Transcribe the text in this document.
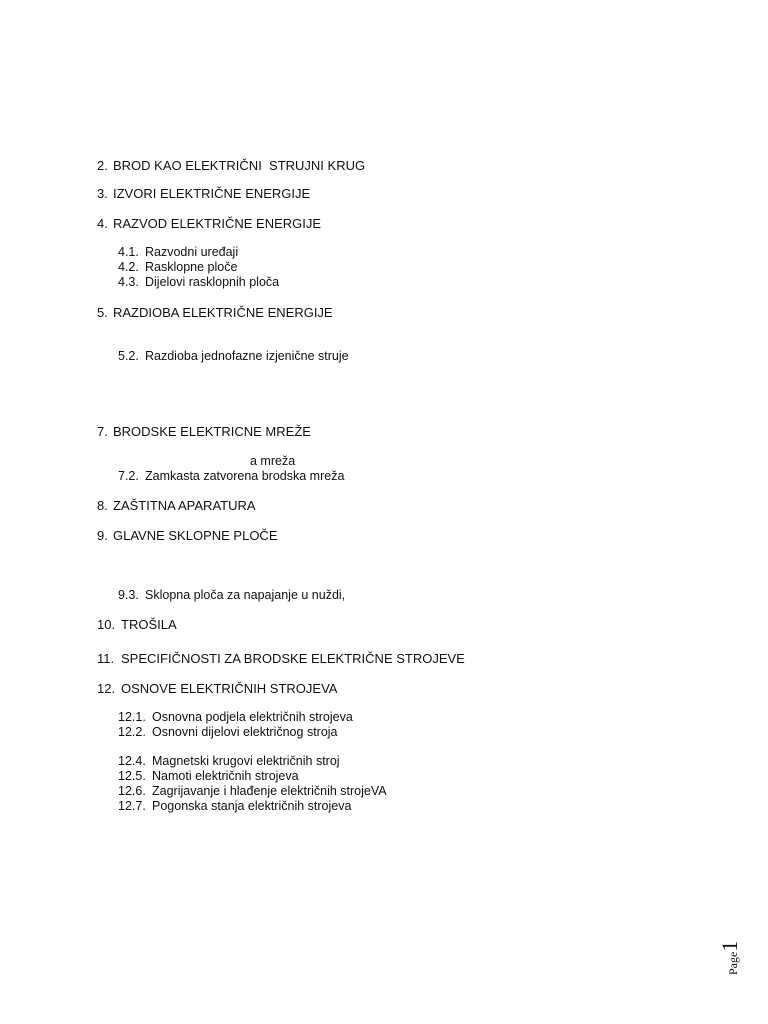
2. BROD KAO ELEKTRIČNI  STRUJNI KRUG
3. IZVORI ELEKTRIČNE ENERGIJE
4. RAZVOD ELEKTRIČNE ENERGIJE
4.1. Razvodni uređaji
4.2. Rasklopne ploče
4.3. Dijelovi rasklopnih ploča
5. RAZDIOBA ELEKTRIČNE ENERGIJE
5.2. Razdioba jednofazne izjenične struje
7. BRODSKE ELEKTRICNE MREŽE
a mreža
7.2. Zamkasta zatvorena brodska mreža
8. ZAŠTITNA APARATURA
9. GLAVNE SKLOPNE PLOČE
9.3. Sklopna ploča za napajanje u nuždi,
10. TROŠILA
11. SPECIFIČNOSTI ZA BRODSKE ELEKTRIČNE STROJEVE
12. OSNOVE ELEKTRIČNIH STROJEVA
12.1. Osnovna podjela električnih strojeva
12.2. Osnovni dijelovi električnog stroja
12.4. Magnetski krugovi električnih stroj
12.5. Namoti električnih strojeva
12.6. Zagrijavanje i hlađenje električnih strojeVA
12.7. Pogonska stanja električnih strojeva
Page1
